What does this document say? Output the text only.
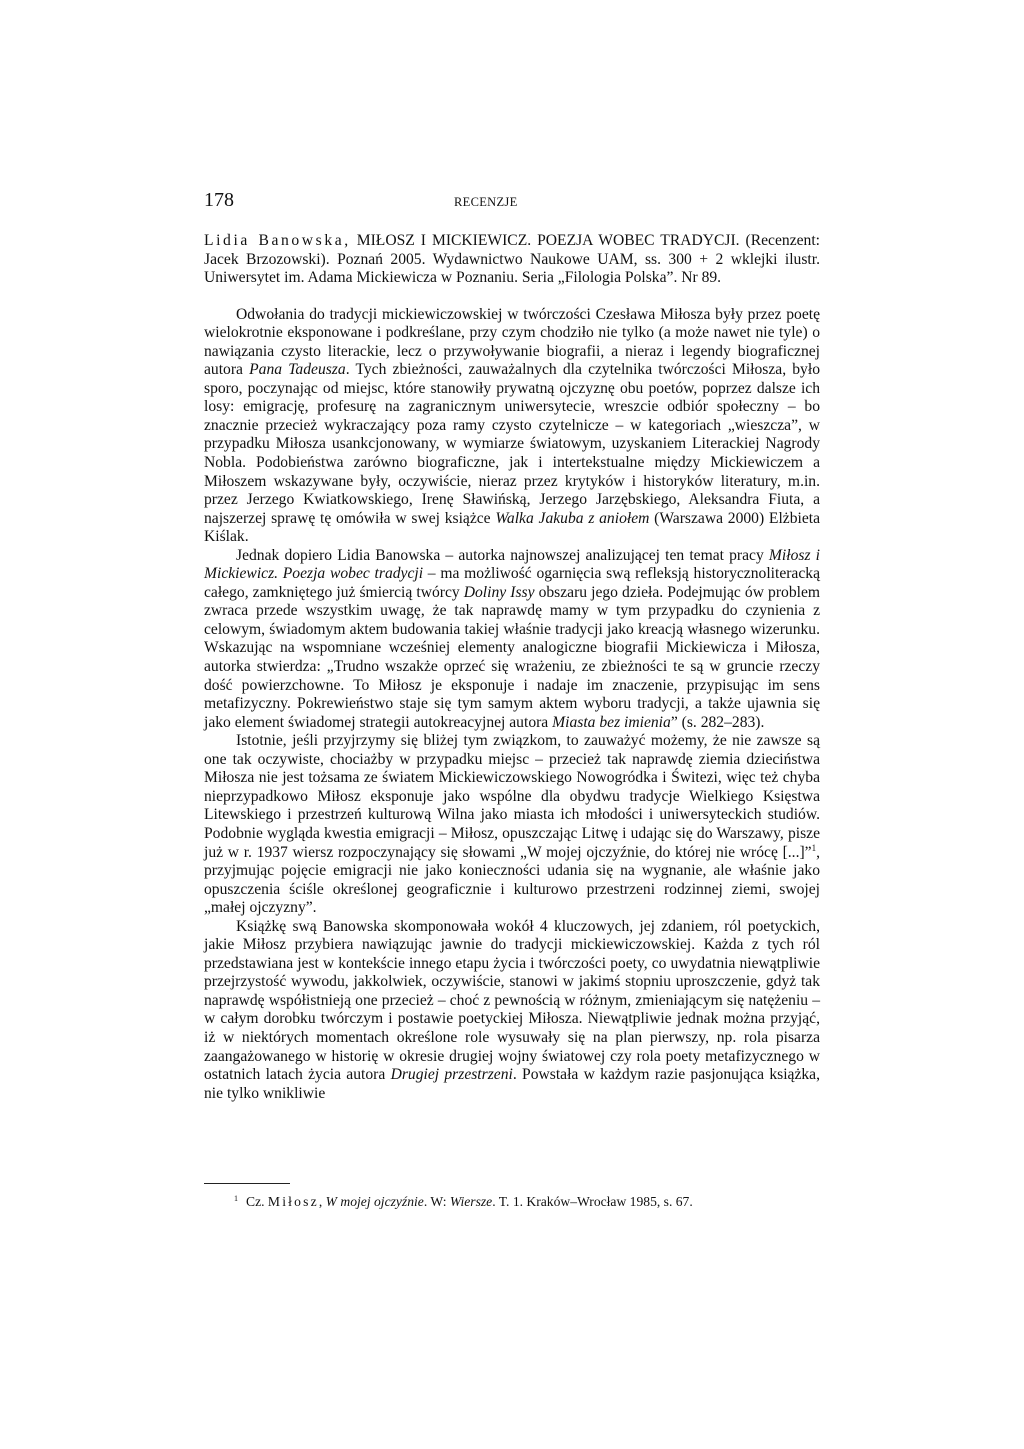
178	RECENZJE

Lidia Banowska, MIŁOSZ I MICKIEWICZ. POEZJA WOBEC TRADYCJI. (Recenzent: Jacek Brzozowski). Poznań 2005. Wydawnictwo Naukowe UAM, ss. 300 + 2 wklejki ilustr. Uniwersytet im. Adama Mickiewicza w Poznaniu. Seria „Filologia Polska”. Nr 89.

Odwołania do tradycji mickiewiczowskiej w twórczości Czesława Miłosza były przez poetę wielokrotnie eksponowane i podkreślane, przy czym chodziło nie tylko (a może nawet nie tyle) o nawiązania czysto literackie, lecz o przywoływanie biografii, a nieraz i legendy biograficznej autora Pana Tadeusza. Tych zbieżności, zauważalnych dla czytelnika twórczości Miłosza, było sporo, poczynając od miejsc, które stanowiły prywatną ojczyznę obu poetów, poprzez dalsze ich losy: emigrację, profesurę na zagranicznym uniwersytecie, wreszcie odbiór społeczny – bo znacznie przecież wykraczający poza ramy czysto czytelnicze – w kategoriach „wieszcza”, w przypadku Miłosza usankcjonowany, w wymiarze światowym, uzyskaniem Literackiej Nagrody Nobla. Podobieństwa zarówno biograficzne, jak i intertekstualne między Mickiewiczem a Miłoszem wskazywane były, oczywiście, nieraz przez krytyków i historyków literatury, m.in. przez Jerzego Kwiatkowskiego, Irenę Sławińską, Jerzego Jarzębskiego, Aleksandra Fiuta, a najszerzej sprawę tę omówiła w swej książce Walka Jakuba z aniołem (Warszawa 2000) Elżbieta Kiślak.

Jednak dopiero Lidia Banowska – autorka najnowszej analizującej ten temat pracy Miłosz i Mickiewicz. Poezja wobec tradycji – ma możliwość ogarnięcia swą refleksją historycznoliteracką całego, zamkniętego już śmiercią twórcy Doliny Issy obszaru jego dzieła. Podejmując ów problem zwraca przede wszystkim uwagę, że tak naprawdę mamy w tym przypadku do czynienia z celowym, świadomym aktem budowania takiej właśnie tradycji jako kreacją własnego wizerunku. Wskazując na wspomniane wcześniej elementy analogiczne biografii Mickiewicza i Miłosza, autorka stwierdza: „Trudno wszakże oprzeć się wrażeniu, ze zbieżności te są w gruncie rzeczy dość powierzchowne. To Miłosz je eksponuje i nadaje im znaczenie, przypisując im sens metafizyczny. Pokrewieństwo staje się tym samym aktem wyboru tradycji, a także ujawnia się jako element świadomej strategii autokreacyjnej autora Miasta bez imienia” (s. 282–283).

Istotnie, jeśli przyjrzymy się bliżej tym związkom, to zauważyć możemy, że nie zawsze są one tak oczywiste, chociażby w przypadku miejsc – przecież tak naprawdę ziemia dzieciństwa Miłosza nie jest tożsama ze światem Mickiewiczowskiego Nowogródka i Świtezi, więc też chyba nieprzypadkowo Miłosz eksponuje jako wspólne dla obydwu tradycje Wielkiego Księstwa Litewskiego i przestrzeń kulturową Wilna jako miasta ich młodości i uniwersyteckich studiów. Podobnie wygląda kwestia emigracji – Miłosz, opuszczając Litwę i udając się do Warszawy, pisze już w r. 1937 wiersz rozpoczynający się słowami „W mojej ojczyźnie, do której nie wrócę [...]”$^1$, przyjmując pojęcie emigracji nie jako konieczności udania się na wygnanie, ale właśnie jako opuszczenia ściśle określonej geograficznie i kulturowo przestrzeni rodzinnej ziemi, swojej „małej ojczyzny”.

Książkę swą Banowska skomponowała wokół 4 kluczowych, jej zdaniem, ról poetyckich, jakie Miłosz przybiera nawiązując jawnie do tradycji mickiewiczowskiej. Każda z tych ról przedstawiana jest w kontekście innego etapu życia i twórczości poety, co uwydatnia niewątpliwie przejrzystość wywodu, jakkolwiek, oczywiście, stanowi w jakimś stopniu uproszczenie, gdyż tak naprawdę współistnieją one przecież – choć z pewnością w różnym, zmieniającym się natężeniu – w całym dorobku twórczym i postawie poetyckiej Miłosza. Niewątpliwie jednak można przyjąć, iż w niektórych momentach określone role wysuwały się na plan pierwszy, np. rola pisarza zaangażowanego w historię w okresie drugiej wojny światowej czy rola poety metafizycznego w ostatnich latach życia autora Drugiej przestrzeni. Powstała w każdym razie pasjonująca książka, nie tylko wnikliwie

$^1$ Cz. Miłosz, W mojej ojczyźnie. W: Wiersze. T. 1. Kraków–Wrocław 1985, s. 67.
